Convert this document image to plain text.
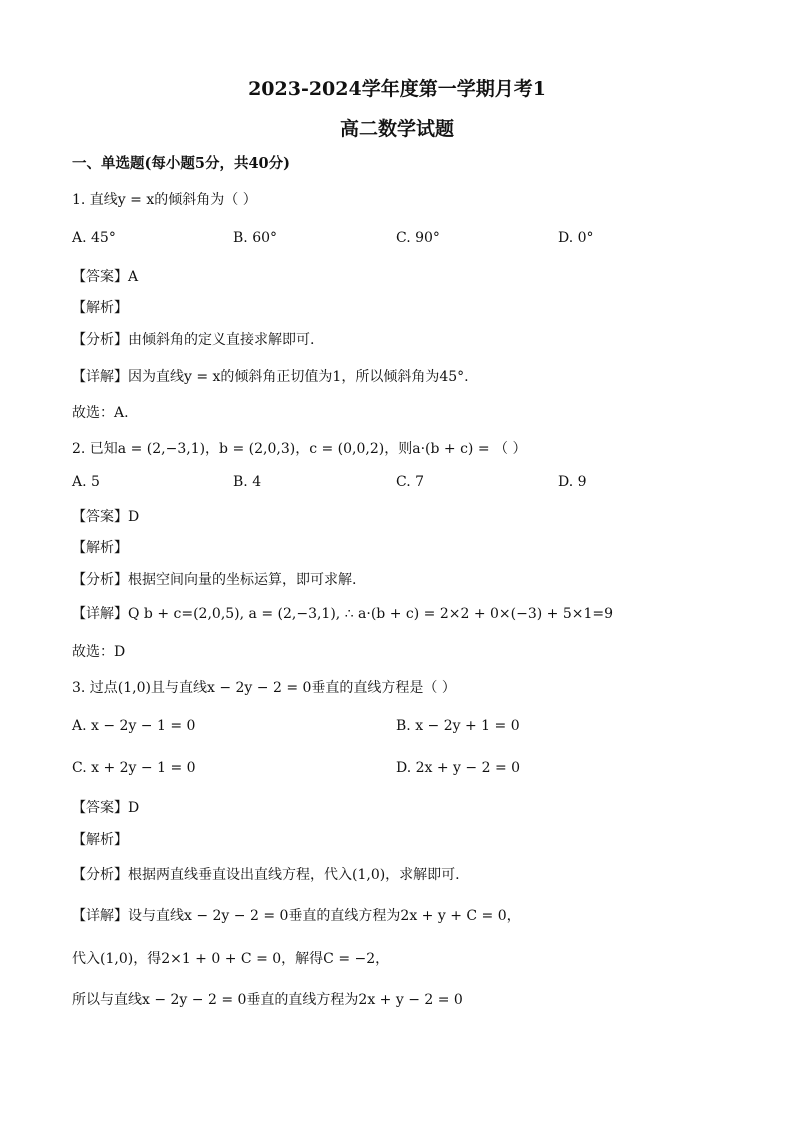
2023-2024学年度第一学期月考1
高二数学试题
一、单选题(每小题5分，共40分)
1. 直线y = x的倾斜角为（ ）
A. 45°	B. 60°	C. 90°	D. 0°
【答案】A
【解析】
【分析】由倾斜角的定义直接求解即可.
【详解】因为直线y = x的倾斜角正切值为1，所以倾斜角为45°.
故选：A.
2. 已知a = (2,−3,1)，b = (2,0,3)，c = (0,0,2)，则a·(b + c) = （ ）
A. 5	B. 4	C. 7	D. 9
【答案】D
【解析】
【分析】根据空间向量的坐标运算，即可求解.
【详解】Q b + c=(2,0,5), a = (2,−3,1), ∴ a·(b + c) = 2×2 + 0×(−3) + 5×1=9
故选：D
3. 过点(1,0)且与直线x − 2y − 2 = 0垂直的直线方程是（ ）
A. x − 2y − 1 = 0	B. x − 2y + 1 = 0
C. x + 2y − 1 = 0	D. 2x + y − 2 = 0
【答案】D
【解析】
【分析】根据两直线垂直设出直线方程，代入(1,0)，求解即可.
【详解】设与直线x − 2y − 2 = 0垂直的直线方程为2x + y + C = 0，
代入(1,0)，得2×1 + 0 + C = 0，解得C = −2，
所以与直线x − 2y − 2 = 0垂直的直线方程为2x + y − 2 = 0
